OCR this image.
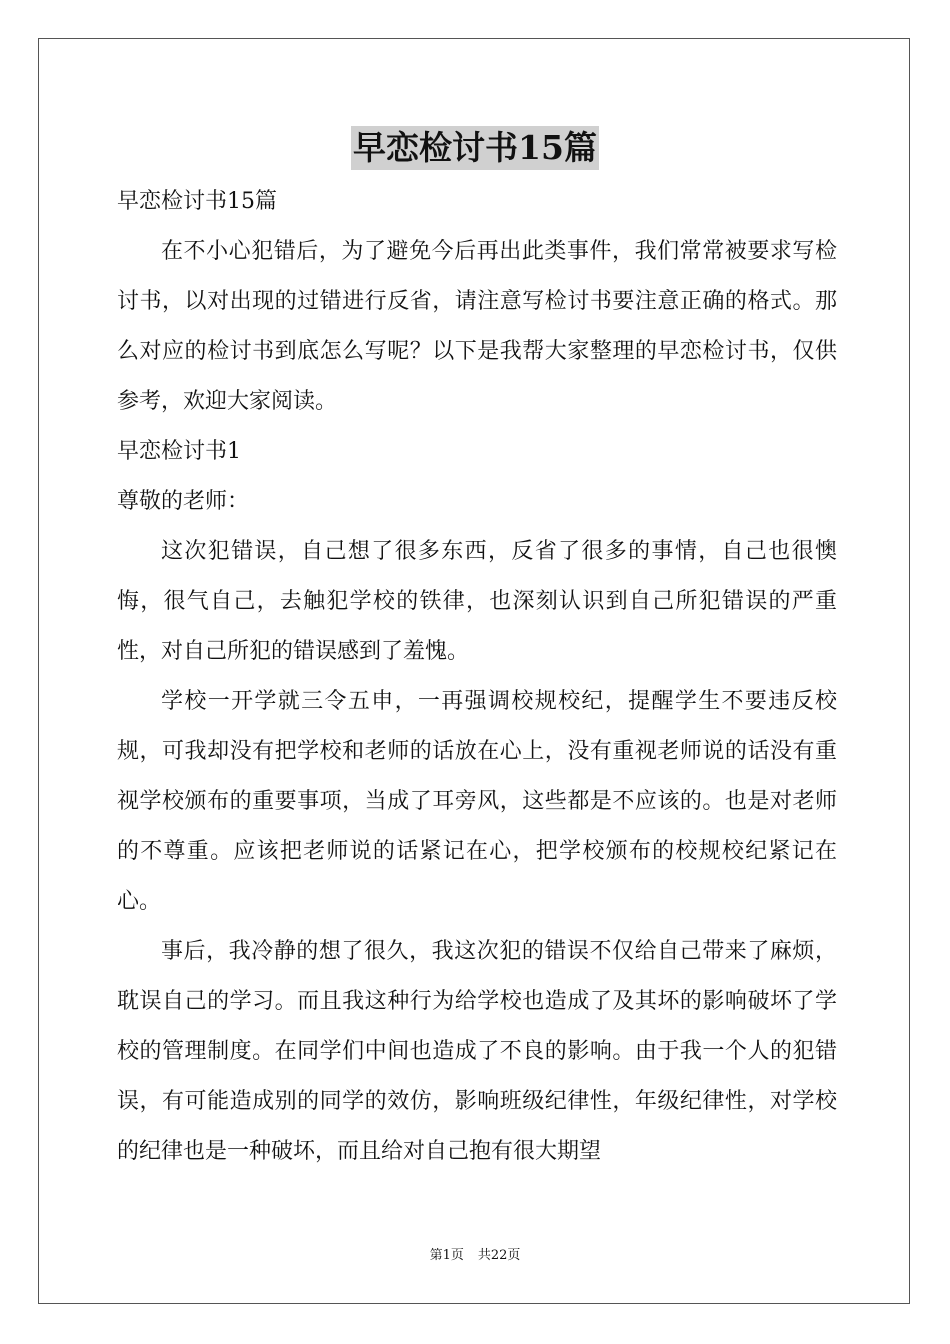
早恋检讨书15篇

早恋检讨书15篇

在不小心犯错后，为了避免今后再出此类事件，我们常常被要求写检讨书，以对出现的过错进行反省，请注意写检讨书要注意正确的格式。那么对应的检讨书到底怎么写呢？以下是我帮大家整理的早恋检讨书，仅供参考，欢迎大家阅读。

早恋检讨书1

尊敬的老师：

这次犯错误，自己想了很多东西，反省了很多的事情，自己也很懊悔，很气自己，去触犯学校的铁律，也深刻认识到自己所犯错误的严重性，对自己所犯的错误感到了羞愧。

学校一开学就三令五申，一再强调校规校纪，提醒学生不要违反校规，可我却没有把学校和老师的话放在心上，没有重视老师说的话没有重视学校颁布的重要事项，当成了耳旁风，这些都是不应该的。也是对老师的不尊重。应该把老师说的话紧记在心，把学校颁布的校规校纪紧记在心。

事后，我冷静的想了很久，我这次犯的错误不仅给自己带来了麻烦，耽误自己的学习。而且我这种行为给学校也造成了及其坏的影响破坏了学校的管理制度。在同学们中间也造成了不良的影响。由于我一个人的犯错误，有可能造成别的同学的效仿，影响班级纪律性，年级纪律性，对学校的纪律也是一种破坏，而且给对自己抱有很大期望

第1页 共22页
